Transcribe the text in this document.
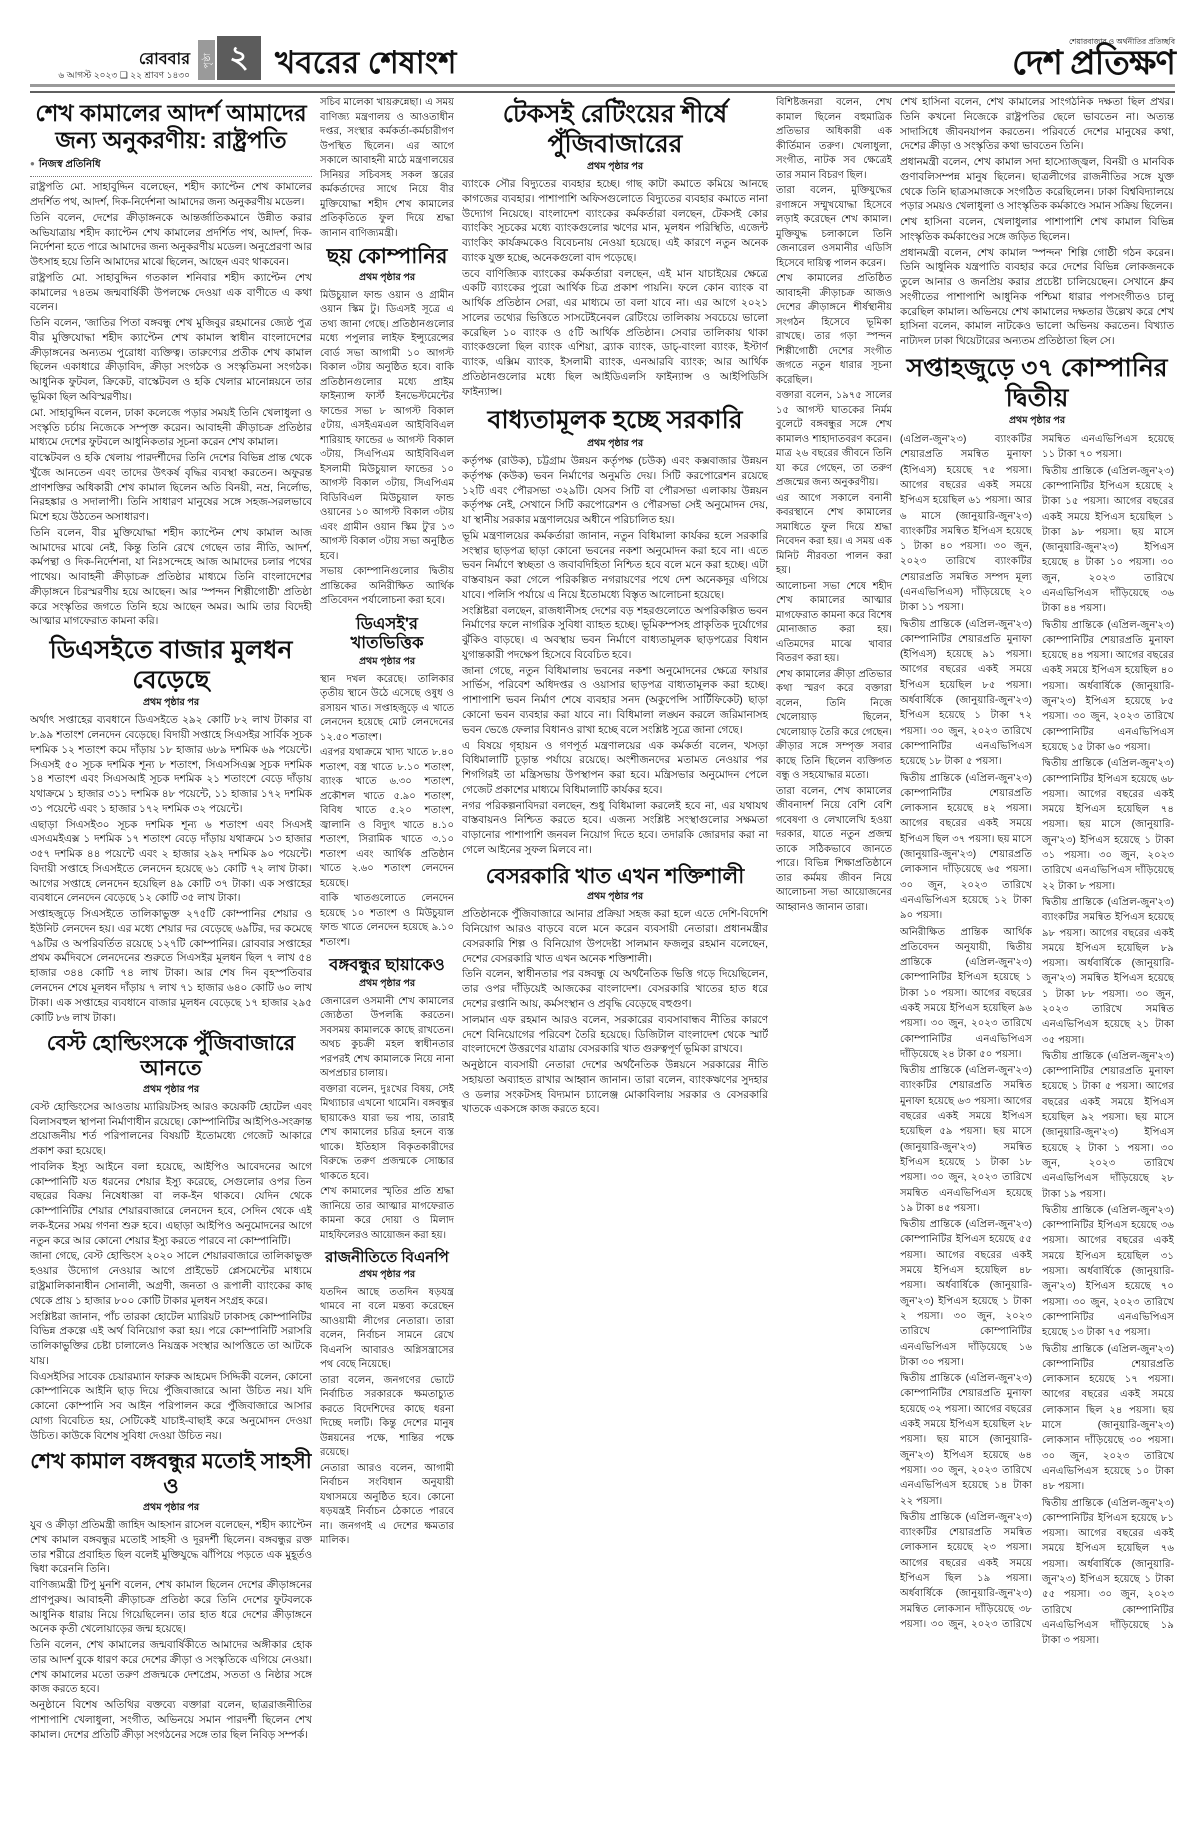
রোববার
৬ আগস্ট ২০২৩ ❑ ২২ শ্রাবণ ১৪৩০
পৃষ্ঠা ২ খবরের শেষাংশ
শেয়ারবাজার ও অর্থনীতির প্রতিচ্ছবি
দেশ প্রতিক্ষণ
শেখ কামালের আদর্শ আমাদের জন্য অনুকরণীয়: রাষ্ট্রপতি
● নিজস্ব প্রতিনিধি

রাষ্ট্রপতি মো. সাহাবুদ্দিন বলেছেন, শহীদ ক্যাপ্টেন শেখ কামালের প্রদর্শিত পথ, আদর্শ, দিক-নির্দেশনা আমাদের জন্য অনুকরণীয় মডেল।

তিনি বলেন, দেশের ক্রীড়াঙ্গনকে আন্তর্জাতিকমানে উন্নীত করার অভিযাত্রায় শহীদ ক্যাপ্টেন শেখ কামালের প্রদর্শিত পথ, আদর্শ, দিক-নির্দেশনা হতে পারে আমাদের জন্য অনুকরণীয় মডেল। অনুপ্রেরণা আর উৎসাহ হয়ে তিনি আমাদের মাঝে ছিলেন, আছেন এবং থাকবেন।

রাষ্ট্রপতি মো. সাহাবুদ্দিন গতকাল শনিবার শহীদ ক্যাপ্টেন শেখ কামালের ৭৪তম জন্মবার্ষিকী উপলক্ষে দেওয়া এক বাণীতে এ কথা বলেন।

তিনি বলেন, 'জাতির পিতা বঙ্গবন্ধু শেখ মুজিবুর রহমানের জ্যেষ্ঠ পুত্র বীর মুক্তিযোদ্ধা শহীদ ক্যাপ্টেন শেখ কামাল স্বাধীন বাংলাদেশের ক্রীড়াঙ্গনের অন্যতম পুরোধা ব্যক্তিত্ব। তারুণ্যের প্রতীক শেখ কামাল ছিলেন একাধারে ক্রীড়াবিদ, ক্রীড়া সংগঠক ও সংস্কৃতিমনা সংগঠক। আধুনিক ফুটবল, ক্রিকেট, বাস্কেটবল ও হকি খেলার মানোন্নয়নে তার ভূমিকা ছিল অবিস্মরণীয়।

মো. সাহাবুদ্দিন বলেন, ঢাকা কলেজে পড়ার সময়ই তিনি খেলাধুলা ও সংস্কৃতি চর্চায় নিজেকে সম্পৃক্ত করেন। আবাহনী ক্রীড়াচক্র প্রতিষ্ঠার মাধ্যমে দেশের ফুটবলে আধুনিকতার সূচনা করেন শেখ কামাল।

বাস্কেটবল ও হকি খেলায় পারদর্শীদের তিনি দেশের বিভিন্ন প্রান্ত থেকে খুঁজে আনতেন এবং তাদের উৎকর্ষ বৃদ্ধির ব্যবস্থা করতেন। অফুরন্ত প্রাণশক্তির অধিকারী শেখ কামাল ছিলেন অতি বিনয়ী, নম্র, নির্লোভ, নিরহঙ্কার ও সদালাপী। তিনি সাধারণ মানুষের সঙ্গে সহজ-সরলভাবে মিশে হয়ে উঠতেন অসাধারণ।

তিনি বলেন, বীর মুক্তিযোদ্ধা শহীদ ক্যাপ্টেন শেখ কামাল আজ আমাদের মাঝে নেই, কিন্তু তিনি রেখে গেছেন তার নীতি, আদর্শ, কর্মপন্থা ও দিক-নির্দেশনা, যা নিঃসন্দেহে আজ আমাদের চলার পথের পাথেয়। আবাহনী ক্রীড়াচক্র প্রতিষ্ঠার মাধ্যমে তিনি বাংলাদেশের ক্রীড়াঙ্গনে চিরস্মরণীয় হয়ে আছেন। আর 'স্পন্দন শিল্পীগোষ্ঠী' প্রতিষ্ঠা করে সংস্কৃতির জগতে তিনি হয়ে আছেন অমর। আমি তার বিদেহী আত্মার মাগফেরাত কামনা করি।

ডিএসইতে বাজার মুলধন বেড়েছে
প্রথম পৃষ্ঠার পর

অর্থাৎ সপ্তাহের ব্যবধানে ডিএসইতে ২৯২ কোটি ৮২ লাখ টাকার বা ৮.৯৯ শতাংশ লেনদেন বেড়েছে। বিদায়ী সপ্তাহে সিএসইর সার্বিক সূচক দশমিক ১২ শতাংশ কমে দাঁড়ায় ১৮ হাজার ৬৮৯ দশমিক ৬৯ পয়েন্টে। সিএসই ৫০ সূচক দশমিক শূন্য ৮ শতাংশ, সিএসসিএক্স সূচক দশমিক ১৪ শতাংশ এবং সিএসআই সূচক দশমিক ২১ শতাংশে বেড়ে দাঁড়ায় যথাক্রমে ১ হাজার ৩১১ দশমিক ৪৮ পয়েন্টে, ১১ হাজার ১৭২ দশমিক ৩১ পয়েন্টে এবং ১ হাজার ১৭২ দশমিক ৩২ পয়েন্টে।

এছাড়া সিএসই৩০ সূচক দশমিক শূন্য ৬ শতাংশ এবং সিএসই এসএমইএক্স ১ দশমিক ১৭ শতাংশ বেড়ে দাঁড়ায় যথাক্রমে ১৩ হাজার ৩৫৭ দশমিক ৪৪ পয়েন্টে এবং ২ হাজার ২৯২ দশমিক ৯০ পয়েন্টে। বিদায়ী সপ্তাহে সিএসইতে লেনদেন হয়েছে ৬১ কোটি ৭২ লাখ টাকা। আগের সপ্তাহে লেনদেন হয়েছিল ৪৯ কোটি ৩৭ টাকা। এক সপ্তাহের ব্যবধানে লেনদেন বেড়েছে ১২ কোটি ৩৫ লাখ টাকা।

সপ্তাহজুড়ে সিএসইতে তালিকাভুক্ত ২৭৫টি কোম্পানির শেয়ার ও ইউনিট লেনদেন হয়। এর মধ্যে শেয়ার দর বেড়েছে ৬৯টির, দর কমেছে ৭৯টির ও অপরিবর্তিত রয়েছে ১২৭টি কোম্পানির। রোববার সপ্তাহের প্রথম কর্মদিবসে লেনদেনের শুরুতে সিএসইর মূলধন ছিল ৭ লাখ ৫৪ হাজার ৩৪৪ কোটি ৭৪ লাখ টাকা। আর শেষ দিন বৃহস্পতিবার লেনদেন শেষে মূলধন দাঁড়ায় ৭ লাখ ৭১ হাজার ৬৪০ কোটি ৬০ লাখ টাকা। এক সপ্তাহের ব্যবধানে বাজার মূলধন বেড়েছে ১৭ হাজার ২৯৫ কোটি ৮৬ লাখ টাকা।

বেস্ট হোল্ডিংসকে পুঁজিবাজারে আনতে
প্রথম পৃষ্ঠার পর

বেস্ট হোল্ডিংসের আওতায় ম্যারিয়টসহ আরও কয়েকটি হোটেল এবং বিলাসবহুল স্থাপনা নির্মাণাধীন রয়েছে। কোম্পানিটির আইপিও-সংক্রান্ত প্রয়োজনীয় শর্ত পরিপালনের বিষয়টি ইতোমধ্যে গেজেট আকারে প্রকাশ করা হয়েছে।

পাবলিক ইস্যু আইনে বলা হয়েছে, আইপিও আবেদনের আগে কোম্পানিটি যত ধরনের শেয়ার ইস্যু করেছে, সেগুলোর ওপর তিন বছরের বিক্রয় নিষেধাজ্ঞা বা লক-ইন থাকবে। যেদিন থেকে কোম্পানিটির শেয়ার শেয়ারবাজারে লেনদেন হবে, সেদিন থেকে এই লক-ইনের সময় গণনা শুরু হবে। এছাড়া আইপিও অনুমোদনের আগে নতুন করে আর কোনো শেয়ার ইস্যু করতে পারবে না কোম্পানিটি।

জানা গেছে, বেস্ট হোল্ডিংস ২০২০ সালে শেয়ারবাজারে তালিকাভুক্ত হওয়ার উদ্যোগ নেওয়ার আগে প্রাইভেট প্লেসমেন্টের মাধ্যমে রাষ্ট্রমালিকানাধীন সোনালী, অগ্রণী, জনতা ও রূপালী ব্যাংকের কাছ থেকে প্রায় ১ হাজার ৮০০ কোটি টাকার মূলধন সংগ্রহ করে।

সংশ্লিষ্টরা জানান, পাঁচ তারকা হোটেল ম্যারিয়ট ঢাকাসহ কোম্পানিটির বিভিন্ন প্রকল্পে এই অর্থ বিনিয়োগ করা হয়। পরে কোম্পানিটি সরাসরি তালিকাভুক্তির চেষ্টা চালালেও নিয়ন্ত্রক সংস্থার আপত্তিতে তা আটকে যায়।

বিএসইসির সাবেক চেয়ারম্যান ফারুক আহমেদ সিদ্দিকী বলেন, কোনো কোম্পানিকে আইনি ছাড় দিয়ে পুঁজিবাজারে আনা উচিত নয়। যদি কোনো কোম্পানি সব আইন পরিপালন করে পুঁজিবাজারে আসার যোগ্য বিবেচিত হয়, সেটিকেই যাচাই-বাছাই করে অনুমোদন দেওয়া উচিত। কাউকে বিশেষ সুবিধা দেওয়া উচিত নয়।

শেখ কামাল বঙ্গবন্ধুর মতোই সাহসী ও
প্রথম পৃষ্ঠার পর

যুব ও ক্রীড়া প্রতিমন্ত্রী জাহিদ আহসান রাসেল বলেছেন, শহীদ ক্যাপ্টেন শেখ কামাল বঙ্গবন্ধুর মতোই সাহসী ও দূরদর্শী ছিলেন। বঙ্গবন্ধুর রক্ত তার শরীরে প্রবাহিত ছিল বলেই মুক্তিযুদ্ধে ঝাঁপিয়ে পড়তে এক মুহূর্তও দ্বিধা করেননি তিনি।

বাণিজ্যমন্ত্রী টিপু মুনশি বলেন, শেখ কামাল ছিলেন দেশের ক্রীড়াঙ্গনের প্রাণপুরুষ। আবাহনী ক্রীড়াচক্র প্রতিষ্ঠা করে তিনি দেশের ফুটবলকে আধুনিক ধারায় নিয়ে গিয়েছিলেন। তার হাত ধরে দেশের ক্রীড়াঙ্গনে অনেক কৃতী খেলোয়াড়ের জন্ম হয়েছে।

তিনি বলেন, শেখ কামালের জন্মবার্ষিকীতে আমাদের অঙ্গীকার হোক তার আদর্শ বুকে ধারণ করে দেশের ক্রীড়া ও সংস্কৃতিকে এগিয়ে নেওয়া। শেখ কামালের মতো তরুণ প্রজন্মকে দেশপ্রেম, সততা ও নিষ্ঠার সঙ্গে কাজ করতে হবে।

অনুষ্ঠানে বিশেষ অতিথির বক্তব্যে বক্তারা বলেন, ছাত্ররাজনীতির পাশাপাশি খেলাধুলা, সংগীত, অভিনয়ে সমান পারদর্শী ছিলেন শেখ কামাল। দেশের প্রতিটি ক্রীড়া সংগঠনের সঙ্গে তার ছিল নিবিড় সম্পর্ক।

সচিব মালেকা খায়রুন্নেছা। এ সময় বাণিজ্য মন্ত্রণালয় ও আওতাধীন দপ্তর, সংস্থার কর্মকর্তা-কর্মচারীগণ উপস্থিত ছিলেন। এর আগে সকালে আবাহনী মাঠে মন্ত্রণালয়ের সিনিয়র সচিবসহ সকল স্তরের কর্মকর্তাদের সাথে নিয়ে বীর মুক্তিযোদ্ধা শহীদ শেখ কামালের প্রতিকৃতিতে ফুল দিয়ে শ্রদ্ধা জানান বাণিজ্যমন্ত্রী।

ছয় কোম্পানির
প্রথম পৃষ্ঠার পর

মিউচুয়াল ফান্ড ওয়ান ও গ্রামীন ওয়ান স্কিম টু। ডিএসই সূত্রে এ তথ্য জানা গেছে। প্রতিষ্ঠানগুলোর মধ্যে পপুলার লাইফ ইন্স্যুরেন্সের বোর্ড সভা আগামী ১০ আগস্ট বিকাল ৩টায় অনুষ্ঠিত হবে। বাকি প্রতিষ্ঠানগুলোর মধ্যে প্রাইম ফাইন্যান্স ফার্স্ট ইনভেস্টমেন্টের ফান্ডের সভা ৮ আগস্ট বিকাল ৫টায়, এসইএমএল আইবিবিএল শারিয়াহ ফান্ডের ৬ আগস্ট বিকাল ৩টায়, সিএপিএম আইবিবিএল ইসলামী মিউচুয়াল ফান্ডের ১০ আগস্ট বিকাল ৩টায়, সিএপিএম বিডিবিএল মিউচুয়াল ফান্ড ওয়ানের ১০ আগস্ট বিকাল ৩টায় এবং গ্রামীন ওয়ান স্কিম টু'র ১৩ আগস্ট বিকাল ৩টায় সভা অনুষ্ঠিত হবে।

সভায় কোম্পানিগুলোর দ্বিতীয় প্রান্তিকের অনিরীক্ষিত আর্থিক প্রতিবেদন পর্যালোচনা করা হবে।

ডিএসই'র খাতভিত্তিক
প্রথম পৃষ্ঠার পর

স্থান দখল করেছে। তালিকার তৃতীয় স্থানে উঠে এসেছে ওষুধ ও রসায়ন খাত। সপ্তাহজুড়ে এ খাতে লেনদেন হয়েছে মোট লেনদেনের ১২.৫০ শতাংশ।

এরপর যথাক্রমে খাদ্য খাতে ৮.৪০ শতাংশ, বস্ত্র খাতে ৮.১০ শতাংশ, ব্যাংক খাতে ৬.৩০ শতাংশ, প্রকৌশল খাতে ৫.৯০ শতাংশ, বিবিধ খাতে ৫.২০ শতাংশ, জ্বালানি ও বিদ্যুৎ খাতে ৪.১০ শতাংশ, সিরামিক খাতে ৩.১০ শতাংশ এবং আর্থিক প্রতিষ্ঠান খাতে ২.৬০ শতাংশ লেনদেন হয়েছে।

বাকি খাতগুলোতে লেনদেন হয়েছে ১০ শতাংশ ও মিউচুয়াল ফান্ড খাতে লেনদেন হয়েছে ৯.১০ শতাংশ।

বঙ্গবন্ধুর ছায়াকেও
প্রথম পৃষ্ঠার পর

জেনারেল ওসমানী শেখ কামালের জ্যেষ্ঠতা উপলব্ধি করতেন। সবসময় কামালকে কাছে রাখতেন। অথচ কুচক্রী মহল স্বাধীনতার পরপরই শেখ কামালকে নিয়ে নানা অপপ্রচার চালায়।

বক্তারা বলেন, দুঃখের বিষয়, সেই মিথ্যাচার এখনো থামেনি। বঙ্গবন্ধুর ছায়াকেও যারা ভয় পায়, তারাই শেখ কামালের চরিত্র হননে ব্যস্ত থাকে। ইতিহাস বিকৃতকারীদের বিরুদ্ধে তরুণ প্রজন্মকে সোচ্চার থাকতে হবে।

শেখ কামালের স্মৃতির প্রতি শ্রদ্ধা জানিয়ে তার আত্মার মাগফেরাত কামনা করে দোয়া ও মিলাদ মাহফিলেরও আয়োজন করা হয়।

রাজনীতিতে বিএনপি
প্রথম পৃষ্ঠার পর

যতদিন আছে ততদিন ষড়যন্ত্র থামবে না বলে মন্তব্য করেছেন আওয়ামী লীগের নেতারা। তারা বলেন, নির্বাচন সামনে রেখে বিএনপি আবারও অগ্নিসন্ত্রাসের পথ বেছে নিয়েছে।

তারা বলেন, জনগণের ভোটে নির্বাচিত সরকারকে ক্ষমতাচ্যুত করতে বিদেশিদের কাছে ধরনা দিচ্ছে দলটি। কিন্তু দেশের মানুষ উন্নয়নের পক্ষে, শান্তির পক্ষে রয়েছে।

নেতারা আরও বলেন, আগামী নির্বাচন সংবিধান অনুযায়ী যথাসময়ে অনুষ্ঠিত হবে। কোনো ষড়যন্ত্রই নির্বাচন ঠেকাতে পারবে না। জনগণই এ দেশের ক্ষমতার মালিক।

টেকসই রেটিংয়ের শীর্ষে পুঁজিবাজারের
প্রথম পৃষ্ঠার পর

ব্যাংকে সৌর বিদ্যুতের ব্যবহার হচ্ছে। গাছ কাটা কমাতে কমিয়ে আনছে কাগজের ব্যবহার। পাশাপাশি অফিসগুলোতে বিদ্যুতের ব্যবহার কমাতে নানা উদ্যোগ নিয়েছে। বাংলাদেশ ব্যাংকের কর্মকর্তারা বলছেন, টেকসই কোর ব্যাংকিং সূচকের মধ্যে ব্যাংকগুলোর ঋণের মান, মূলধন পরিস্থিতি, এজেন্ট ব্যাংকিং কার্যক্রমকেও বিবেচনায় নেওয়া হয়েছে। এই কারণে নতুন অনেক ব্যাংক যুক্ত হচ্ছে, অনেকগুলো বাদ পড়েছে।

তবে বাণিজ্যিক ব্যাংকের কর্মকর্তারা বলছেন, এই মান যাচাইয়ের ক্ষেত্রে একটি ব্যাংকের পুরো আর্থিক চিত্র প্রকাশ পায়নি। ফলে কোন ব্যাংক বা আর্থিক প্রতিষ্ঠান সেরা, এর মাধ্যমে তা বলা যাবে না। এর আগে ২০২১ সালের তথ্যের ভিত্তিতে সাসটেইনেবল রেটিংয়ে তালিকায় সবচেয়ে ভালো করেছিল ১০ ব্যাংক ও ৫টি আর্থিক প্রতিষ্ঠান। সেবার তালিকায় থাকা ব্যাংকগুলো ছিল ব্যাংক এশিয়া, ব্র্যাক ব্যাংক, ডাচ্-বাংলা ব্যাংক, ইস্টার্ণ ব্যাংক, এক্সিম ব্যাংক, ইসলামী ব্যাংক, এনআরবি ব্যাংক; আর আর্থিক প্রতিষ্ঠানগুলোর মধ্যে ছিল আইডিএলসি ফাইন্যান্স ও আইপিডিসি ফাইন্যান্স।

বাধ্যতামূলক হচ্ছে সরকারি
প্রথম পৃষ্ঠার পর

কর্তৃপক্ষ (রাউক), চট্টগ্রাম উন্নয়ন কর্তৃপক্ষ (চউক) এবং কক্সবাজার উন্নয়ন কর্তৃপক্ষ (কউক) ভবন নির্মাণের অনুমতি দেয়। সিটি করপোরেশন রয়েছে ১২টি এবং পৌরসভা ৩২৯টি। যেসব সিটি বা পৌরসভা এলাকায় উন্নয়ন কর্তৃপক্ষ নেই, সেখানে সিটি করপোরেশন ও পৌরসভা সেই অনুমোদন দেয়, যা স্থানীয় সরকার মন্ত্রণালয়ের অধীনে পরিচালিত হয়।

ভূমি মন্ত্রণালয়ের কর্মকর্তারা জানান, নতুন বিধিমালা কার্যকর হলে সরকারি সংস্থার ছাড়পত্র ছাড়া কোনো ভবনের নকশা অনুমোদন করা হবে না। এতে ভবন নির্মাণে স্বচ্ছতা ও জবাবদিহিতা নিশ্চিত হবে বলে মনে করা হচ্ছে। এটা বাস্তবায়ন করা গেলে পরিকল্পিত নগরায়ণের পথে দেশ অনেকদূর এগিয়ে যাবে। পলিসি পর্যায়ে এ নিয়ে ইতোমধ্যে বিস্তৃত আলোচনা হয়েছে।

সংশ্লিষ্টরা বলছেন, রাজধানীসহ দেশের বড় শহরগুলোতে অপরিকল্পিত ভবন নির্মাণের ফলে নাগরিক সুবিধা ব্যাহত হচ্ছে। ভূমিকম্পসহ প্রাকৃতিক দুর্যোগের ঝুঁকিও বাড়ছে। এ অবস্থায় ভবন নির্মাণে বাধ্যতামূলক ছাড়পত্রের বিধান যুগান্তকারী পদক্ষেপ হিসেবে বিবেচিত হবে।

জানা গেছে, নতুন বিধিমালায় ভবনের নকশা অনুমোদনের ক্ষেত্রে ফায়ার সার্ভিস, পরিবেশ অধিদপ্তর ও ওয়াসার ছাড়পত্র বাধ্যতামূলক করা হচ্ছে। পাশাপাশি ভবন নির্মাণ শেষে ব্যবহার সনদ (অকুপেন্সি সার্টিফিকেট) ছাড়া কোনো ভবন ব্যবহার করা যাবে না। বিধিমালা লঙ্ঘন করলে জরিমানাসহ ভবন ভেঙে ফেলার বিধানও রাখা হচ্ছে বলে সংশ্লিষ্ট সূত্রে জানা গেছে।

এ বিষয়ে গৃহায়ন ও গণপূর্ত মন্ত্রণালয়ের এক কর্মকর্তা বলেন, খসড়া বিধিমালাটি চূড়ান্ত পর্যায়ে রয়েছে। অংশীজনদের মতামত নেওয়ার পর শিগগিরই তা মন্ত্রিসভায় উপস্থাপন করা হবে। মন্ত্রিসভার অনুমোদন পেলে গেজেট প্রকাশের মাধ্যমে বিধিমালাটি কার্যকর হবে।

নগর পরিকল্পনাবিদরা বলছেন, শুধু বিধিমালা করলেই হবে না, এর যথাযথ বাস্তবায়নও নিশ্চিত করতে হবে। এজন্য সংশ্লিষ্ট সংস্থাগুলোর সক্ষমতা বাড়ানোর পাশাপাশি জনবল নিয়োগ দিতে হবে। তদারকি জোরদার করা না গেলে আইনের সুফল মিলবে না।

বেসরকারি খাত এখন শক্তিশালী
প্রথম পৃষ্ঠার পর

প্রতিষ্ঠানকে পুঁজিবাজারে আনার প্রক্রিয়া সহজ করা হলে এতে দেশি-বিদেশি বিনিয়োগ আরও বাড়বে বলে মনে করেন ব্যবসায়ী নেতারা। প্রধানমন্ত্রীর বেসরকারি শিল্প ও বিনিয়োগ উপদেষ্টা সালমান ফজলুর রহমান বলেছেন, দেশের বেসরকারি খাত এখন অনেক শক্তিশালী।

তিনি বলেন, স্বাধীনতার পর বঙ্গবন্ধু যে অর্থনৈতিক ভিত্তি গড়ে দিয়েছিলেন, তার ওপর দাঁড়িয়েই আজকের বাংলাদেশ। বেসরকারি খাতের হাত ধরে দেশের রপ্তানি আয়, কর্মসংস্থান ও প্রবৃদ্ধি বেড়েছে বহুগুণ।

সালমান এফ রহমান আরও বলেন, সরকারের ব্যবসাবান্ধব নীতির কারণে দেশে বিনিয়োগের পরিবেশ তৈরি হয়েছে। ডিজিটাল বাংলাদেশ থেকে স্মার্ট বাংলাদেশে উত্তরণের যাত্রায় বেসরকারি খাত গুরুত্বপূর্ণ ভূমিকা রাখবে।

অনুষ্ঠানে ব্যবসায়ী নেতারা দেশের অর্থনৈতিক উন্নয়নে সরকারের নীতি সহায়তা অব্যাহত রাখার আহ্বান জানান। তারা বলেন, ব্যাংকঋণের সুদহার ও ডলার সংকটসহ বিদ্যমান চ্যালেঞ্জ মোকাবিলায় সরকার ও বেসরকারি খাতকে একসঙ্গে কাজ করতে হবে।

বিশিষ্টজনরা বলেন, শেখ কামাল ছিলেন বহুমাত্রিক প্রতিভার অধিকারী এক কীর্তিমান তরুণ। খেলাধুলা, সংগীত, নাটক সব ক্ষেত্রেই তার সমান বিচরণ ছিল।

তারা বলেন, মুক্তিযুদ্ধের রণাঙ্গনে সম্মুখযোদ্ধা হিসেবে লড়াই করেছেন শেখ কামাল। মুক্তিযুদ্ধ চলাকালে তিনি জেনারেল ওসমানীর এডিসি হিসেবে দায়িত্ব পালন করেন।

শেখ কামালের প্রতিষ্ঠিত আবাহনী ক্রীড়াচক্র আজও দেশের ক্রীড়াঙ্গনে শীর্ষস্থানীয় সংগঠন হিসেবে ভূমিকা রাখছে। তার গড়া স্পন্দন শিল্পীগোষ্ঠী দেশের সংগীত জগতে নতুন ধারার সূচনা করেছিল।

বক্তারা বলেন, ১৯৭৫ সালের ১৫ আগস্ট ঘাতকের নির্মম বুলেটে বঙ্গবন্ধুর সঙ্গে শেখ কামালও শাহাদাতবরণ করেন। মাত্র ২৬ বছরের জীবনে তিনি যা করে গেছেন, তা তরুণ প্রজন্মের জন্য অনুকরণীয়।

এর আগে সকালে বনানী কবরস্থানে শেখ কামালের সমাধিতে ফুল দিয়ে শ্রদ্ধা নিবেদন করা হয়। এ সময় এক মিনিট নীরবতা পালন করা হয়।

আলোচনা সভা শেষে শহীদ শেখ কামালের আত্মার মাগফেরাত কামনা করে বিশেষ মোনাজাত করা হয়। এতিমদের মাঝে খাবার বিতরণ করা হয়।

শেখ কামালের ক্রীড়া প্রতিভার কথা স্মরণ করে বক্তারা বলেন, তিনি নিজে খেলোয়াড় ছিলেন, খেলোয়াড় তৈরি করে গেছেন। ক্রীড়ার সঙ্গে সম্পৃক্ত সবার কাছে তিনি ছিলেন ব্যক্তিগত বন্ধু ও সহযোদ্ধার মতো।

তারা বলেন, শেখ কামালের জীবনাদর্শ নিয়ে বেশি বেশি গবেষণা ও লেখালেখি হওয়া দরকার, যাতে নতুন প্রজন্ম তাকে সঠিকভাবে জানতে পারে। বিভিন্ন শিক্ষাপ্রতিষ্ঠানে তার কর্মময় জীবন নিয়ে আলোচনা সভা আয়োজনের আহ্বানও জানান তারা।

শেখ হাসিনা বলেন, শেখ কামালের সাংগঠনিক দক্ষতা ছিল প্রখর। তিনি কখনো নিজেকে রাষ্ট্রপতির ছেলে ভাবতেন না। অত্যন্ত সাদাসিধে জীবনযাপন করতেন। পরিবর্তে দেশের মানুষের কথা, দেশের ক্রীড়া ও সংস্কৃতির কথা ভাবতেন তিনি।

প্রধানমন্ত্রী বলেন, শেখ কামাল সদা হাস্যোজ্জ্বল, বিনয়ী ও মানবিক গুণাবলিসম্পন্ন মানুষ ছিলেন। ছাত্রলীগের রাজনীতির সঙ্গে যুক্ত থেকে তিনি ছাত্রসমাজকে সংগঠিত করেছিলেন। ঢাকা বিশ্ববিদ্যালয়ে পড়ার সময়ও খেলাধুলা ও সাংস্কৃতিক কর্মকাণ্ডে সমান সক্রিয় ছিলেন।

শেখ হাসিনা বলেন, খেলাধুলার পাশাপাশি শেখ কামাল বিভিন্ন সাংস্কৃতিক কর্মকাণ্ডের সঙ্গে জড়িত ছিলেন।

প্রধানমন্ত্রী বলেন, শেখ কামাল 'স্পন্দন' শিল্পি গোষ্ঠী গঠন করেন। তিনি আধুনিক যন্ত্রপাতি ব্যবহার করে দেশের বিভিন্ন লোকজনকে তুলে আনার ও জনপ্রিয় করার প্রচেষ্টা চালিয়েছেন। সেখানে ধ্রুব সংগীতের পাশাপাশি আধুনিক পশ্চিমা ধারার পপসংগীতও চালু করেছিল কামাল। অভিনয়ে শেখ কামালের দক্ষতার উল্লেখ করে শেখ হাসিনা বলেন, কামাল নাটকেও ভালো অভিনয় করতেন। বিখ্যাত নাট্যদল ঢাকা থিয়েটারের অন্যতম প্রতিষ্ঠাতা ছিল সে।

সপ্তাহজুড়ে ৩৭ কোম্পানির দ্বিতীয়
প্রথম পৃষ্ঠার পর

(এপ্রিল-জুন'২৩) ব্যাংকটির শেয়ারপ্রতি সমন্বিত মুনাফা (ইপিএস) হয়েছে ৭৫ পয়সা। আগের বছরের একই সময়ে ইপিএস হয়েছিল ৬১ পয়সা। আর ৬ মাসে (জানুয়ারি-জুন'২৩) ব্যাংকটির সমন্বিত ইপিএস হয়েছে ১ টাকা ৪০ পয়সা। ৩০ জুন, ২০২৩ তারিখে ব্যাংকটির শেয়ারপ্রতি সমন্বিত সম্পদ মূল্য (এনএভিপিএস) দাঁড়িয়েছে ২০ টাকা ১১ পয়সা।

দ্বিতীয় প্রান্তিকে (এপ্রিল-জুন'২৩) কোম্পানিটির শেয়ারপ্রতি মুনাফা (ইপিএস) হয়েছে ৯১ পয়সা। আগের বছরের একই সময়ে ইপিএস হয়েছিল ৮৫ পয়সা। অর্ধবার্ষিকে (জানুয়ারি-জুন'২৩) ইপিএস হয়েছে ১ টাকা ৭২ পয়সা। ৩০ জুন, ২০২৩ তারিখে কোম্পানিটির এনএভিপিএস হয়েছে ১৮ টাকা ৫ পয়সা।

দ্বিতীয় প্রান্তিকে (এপ্রিল-জুন'২৩) কোম্পানিটির শেয়ারপ্রতি লোকসান হয়েছে ৪২ পয়সা। আগের বছরের একই সময়ে ইপিএস ছিল ৩৭ পয়সা। ছয় মাসে (জানুয়ারি-জুন'২৩) শেয়ারপ্রতি লোকসান দাঁড়িয়েছে ৬৫ পয়সা। ৩০ জুন, ২০২৩ তারিখে এনএভিপিএস হয়েছে ১২ টাকা ৯০ পয়সা।

অনিরীক্ষিত প্রান্তিক আর্থিক প্রতিবেদন অনুযায়ী, দ্বিতীয় প্রান্তিকে (এপ্রিল-জুন'২৩) কোম্পানিটির ইপিএস হয়েছে ১ টাকা ১০ পয়সা। আগের বছরের একই সময়ে ইপিএস হয়েছিল ৯৬ পয়সা। ৩০ জুন, ২০২৩ তারিখে কোম্পানিটির এনএভিপিএস দাঁড়িয়েছে ২৪ টাকা ৫০ পয়সা।

দ্বিতীয় প্রান্তিকে (এপ্রিল-জুন'২৩) ব্যাংকটির শেয়ারপ্রতি সমন্বিত মুনাফা হয়েছে ৬৩ পয়সা। আগের বছরের একই সময়ে ইপিএস হয়েছিল ৫৯ পয়সা। ছয় মাসে (জানুয়ারি-জুন'২৩) সমন্বিত ইপিএস হয়েছে ১ টাকা ১৮ পয়সা। ৩০ জুন, ২০২৩ তারিখে সমন্বিত এনএভিপিএস হয়েছে ১৯ টাকা ৪৫ পয়সা।

দ্বিতীয় প্রান্তিকে (এপ্রিল-জুন'২৩) কোম্পানিটির ইপিএস হয়েছে ৫৫ পয়সা। আগের বছরের একই সময়ে ইপিএস হয়েছিল ৪৮ পয়সা। অর্ধবার্ষিকে (জানুয়ারি-জুন'২৩) ইপিএস হয়েছে ১ টাকা ২ পয়সা। ৩০ জুন, ২০২৩ তারিখে কোম্পানিটির এনএভিপিএস দাঁড়িয়েছে ১৬ টাকা ৩০ পয়সা।

দ্বিতীয় প্রান্তিকে (এপ্রিল-জুন'২৩) কোম্পানিটির শেয়ারপ্রতি মুনাফা হয়েছে ৩২ পয়সা। আগের বছরের একই সময়ে ইপিএস হয়েছিল ২৮ পয়সা। ছয় মাসে (জানুয়ারি-জুন'২৩) ইপিএস হয়েছে ৬৪ পয়সা। ৩০ জুন, ২০২৩ তারিখে এনএভিপিএস হয়েছে ১৪ টাকা ২২ পয়সা।

দ্বিতীয় প্রান্তিকে (এপ্রিল-জুন'২৩) ব্যাংকটির শেয়ারপ্রতি সমন্বিত লোকসান হয়েছে ২৩ পয়সা। আগের বছরের একই সময়ে ইপিএস ছিল ১৯ পয়সা। অর্ধবার্ষিকে (জানুয়ারি-জুন'২৩) সমন্বিত লোকসান দাঁড়িয়েছে ৩৮ পয়সা। ৩০ জুন, ২০২৩ তারিখে সমন্বিত এনএভিপিএস হয়েছে ১১ টাকা ৭০ পয়সা।

দ্বিতীয় প্রান্তিকে (এপ্রিল-জুন'২৩) কোম্পানিটির ইপিএস হয়েছে ২ টাকা ১৫ পয়সা। আগের বছরের একই সময়ে ইপিএস হয়েছিল ১ টাকা ৯৮ পয়সা। ছয় মাসে (জানুয়ারি-জুন'২৩) ইপিএস হয়েছে ৪ টাকা ১০ পয়সা। ৩০ জুন, ২০২৩ তারিখে এনএভিপিএস দাঁড়িয়েছে ৩৬ টাকা ৪৪ পয়সা।

দ্বিতীয় প্রান্তিকে (এপ্রিল-জুন'২৩) কোম্পানিটির শেয়ারপ্রতি মুনাফা হয়েছে ৪৪ পয়সা। আগের বছরের একই সময়ে ইপিএস হয়েছিল ৪০ পয়সা। অর্ধবার্ষিকে (জানুয়ারি-জুন'২৩) ইপিএস হয়েছে ৮৫ পয়সা। ৩০ জুন, ২০২৩ তারিখে কোম্পানিটির এনএভিপিএস হয়েছে ১৫ টাকা ৬০ পয়সা।

দ্বিতীয় প্রান্তিকে (এপ্রিল-জুন'২৩) কোম্পানিটির ইপিএস হয়েছে ৬৮ পয়সা। আগের বছরের একই সময়ে ইপিএস হয়েছিল ৭৪ পয়সা। ছয় মাসে (জানুয়ারি-জুন'২৩) ইপিএস হয়েছে ১ টাকা ৩১ পয়সা। ৩০ জুন, ২০২৩ তারিখে এনএভিপিএস দাঁড়িয়েছে ২২ টাকা ৮ পয়সা।

দ্বিতীয় প্রান্তিকে (এপ্রিল-জুন'২৩) ব্যাংকটির সমন্বিত ইপিএস হয়েছে ৯৮ পয়সা। আগের বছরের একই সময়ে ইপিএস হয়েছিল ৮৯ পয়সা। অর্ধবার্ষিকে (জানুয়ারি-জুন'২৩) সমন্বিত ইপিএস হয়েছে ১ টাকা ৮৮ পয়সা। ৩০ জুন, ২০২৩ তারিখে সমন্বিত এনএভিপিএস হয়েছে ২১ টাকা ৩৫ পয়সা।

দ্বিতীয় প্রান্তিকে (এপ্রিল-জুন'২৩) কোম্পানিটির শেয়ারপ্রতি মুনাফা হয়েছে ১ টাকা ৫ পয়সা। আগের বছরের একই সময়ে ইপিএস হয়েছিল ৯২ পয়সা। ছয় মাসে (জানুয়ারি-জুন'২৩) ইপিএস হয়েছে ২ টাকা ১ পয়সা। ৩০ জুন, ২০২৩ তারিখে এনএভিপিএস দাঁড়িয়েছে ২৮ টাকা ১৯ পয়সা।

দ্বিতীয় প্রান্তিকে (এপ্রিল-জুন'২৩) কোম্পানিটির ইপিএস হয়েছে ৩৬ পয়সা। আগের বছরের একই সময়ে ইপিএস হয়েছিল ৩১ পয়সা। অর্ধবার্ষিকে (জানুয়ারি-জুন'২৩) ইপিএস হয়েছে ৭০ পয়সা। ৩০ জুন, ২০২৩ তারিখে কোম্পানিটির এনএভিপিএস হয়েছে ১৩ টাকা ৭৫ পয়সা।

দ্বিতীয় প্রান্তিকে (এপ্রিল-জুন'২৩) কোম্পানিটির শেয়ারপ্রতি লোকসান হয়েছে ১৭ পয়সা। আগের বছরের একই সময়ে লোকসান ছিল ২৪ পয়সা। ছয় মাসে (জানুয়ারি-জুন'২৩) লোকসান দাঁড়িয়েছে ৩০ পয়সা। ৩০ জুন, ২০২৩ তারিখে এনএভিপিএস হয়েছে ১০ টাকা ৪৮ পয়সা।

দ্বিতীয় প্রান্তিকে (এপ্রিল-জুন'২৩) কোম্পানিটির ইপিএস হয়েছে ৮১ পয়সা। আগের বছরের একই সময়ে ইপিএস হয়েছিল ৭৬ পয়সা। অর্ধবার্ষিকে (জানুয়ারি-জুন'২৩) ইপিএস হয়েছে ১ টাকা ৫৫ পয়সা। ৩০ জুন, ২০২৩ তারিখে কোম্পানিটির এনএভিপিএস দাঁড়িয়েছে ১৯ টাকা ৩ পয়সা।
